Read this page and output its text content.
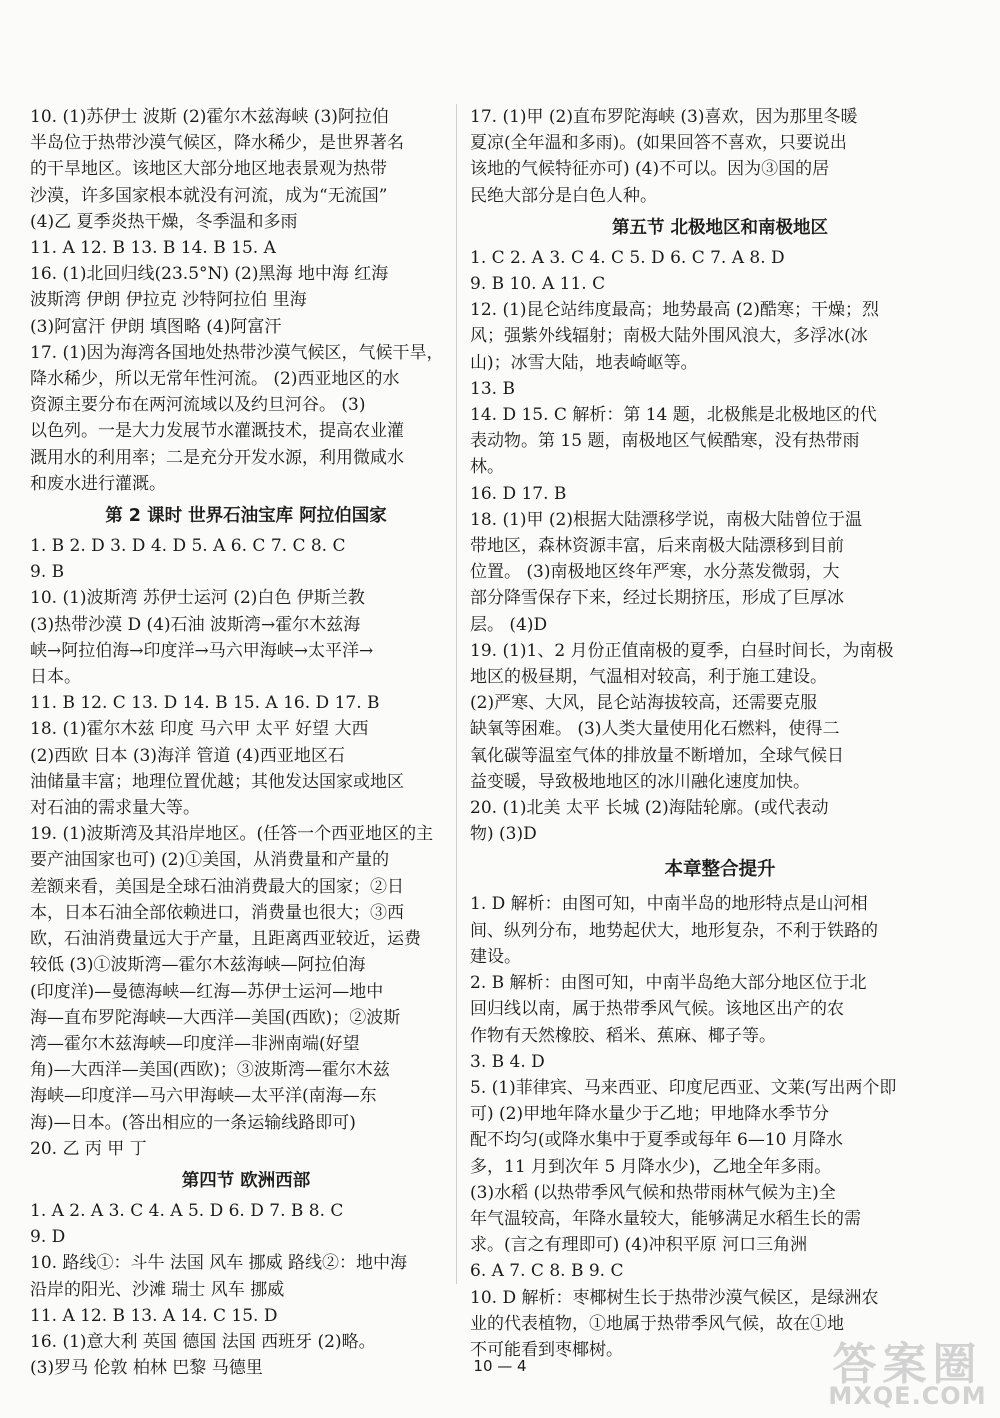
10. (1)苏伊士 波斯 (2)霍尔木兹海峡 (3)阿拉伯
半岛位于热带沙漠气候区，降水稀少，是世界著名
的干旱地区。该地区大部分地区地表景观为热带
沙漠，许多国家根本就没有河流，成为“无流国”
(4)乙 夏季炎热干燥，冬季温和多雨
11. A 12. B 13. B 14. B 15. A
16. (1)北回归线(23.5°N) (2)黑海 地中海 红海
波斯湾 伊朗 伊拉克 沙特阿拉伯 里海
(3)阿富汗 伊朗 填图略 (4)阿富汗
17. (1)因为海湾各国地处热带沙漠气候区，气候干旱，
降水稀少，所以无常年性河流。 (2)西亚地区的水
资源主要分布在两河流域以及约旦河谷。 (3)
以色列。一是大力发展节水灌溉技术，提高农业灌
溉用水的利用率；二是充分开发水源，利用微咸水
和废水进行灌溉。
第 2 课时 世界石油宝库 阿拉伯国家
1. B 2. D 3. D 4. D 5. A 6. C 7. C 8. C
9. B
10. (1)波斯湾 苏伊士运河 (2)白色 伊斯兰教
(3)热带沙漠 D (4)石油 波斯湾→霍尔木兹海
峡→阿拉伯海→印度洋→马六甲海峡→太平洋→
日本。
11. B 12. C 13. D 14. B 15. A 16. D 17. B
18. (1)霍尔木兹 印度 马六甲 太平 好望 大西
(2)西欧 日本 (3)海洋 管道 (4)西亚地区石
油储量丰富；地理位置优越；其他发达国家或地区
对石油的需求量大等。
19. (1)波斯湾及其沿岸地区。(任答一个西亚地区的主
要产油国家也可) (2)①美国，从消费量和产量的
差额来看，美国是全球石油消费最大的国家；②日
本，日本石油全部依赖进口，消费量也很大；③西
欧，石油消费量远大于产量，且距离西亚较近，运费
较低 (3)①波斯湾—霍尔木兹海峡—阿拉伯海
(印度洋)—曼德海峡—红海—苏伊士运河—地中
海—直布罗陀海峡—大西洋—美国(西欧)；②波斯
湾—霍尔木兹海峡—印度洋—非洲南端(好望
角)—大西洋—美国(西欧)；③波斯湾—霍尔木兹
海峡—印度洋—马六甲海峡—太平洋(南海—东
海)—日本。(答出相应的一条运输线路即可)
20. 乙 丙 甲 丁
第四节 欧洲西部
1. A 2. A 3. C 4. A 5. D 6. D 7. B 8. C
9. D
10. 路线①：斗牛 法国 风车 挪威 路线②：地中海
沿岸的阳光、沙滩 瑞士 风车 挪威
11. A 12. B 13. A 14. C 15. D
16. (1)意大利 英国 德国 法国 西班牙 (2)略。
(3)罗马 伦敦 柏林 巴黎 马德里
17. (1)甲 (2)直布罗陀海峡 (3)喜欢，因为那里冬暖
夏凉(全年温和多雨)。(如果回答不喜欢，只要说出
该地的气候特征亦可) (4)不可以。因为③国的居
民绝大部分是白色人种。
第五节 北极地区和南极地区
1. C 2. A 3. C 4. C 5. D 6. C 7. A 8. D
9. B 10. A 11. C
12. (1)昆仑站纬度最高；地势最高 (2)酷寒；干燥；烈
风；强紫外线辐射；南极大陆外围风浪大，多浮冰(冰
山)；冰雪大陆，地表崎岖等。
13. B
14. D 15. C 解析：第 14 题，北极熊是北极地区的代
表动物。第 15 题，南极地区气候酷寒，没有热带雨
林。
16. D 17. B
18. (1)甲 (2)根据大陆漂移学说，南极大陆曾位于温
带地区，森林资源丰富，后来南极大陆漂移到目前
位置。 (3)南极地区终年严寒，水分蒸发微弱，大
部分降雪保存下来，经过长期挤压，形成了巨厚冰
层。 (4)D
19. (1)1、2 月份正值南极的夏季，白昼时间长，为南极
地区的极昼期，气温相对较高，利于施工建设。
(2)严寒、大风，昆仑站海拔较高，还需要克服
缺氧等困难。 (3)人类大量使用化石燃料，使得二
氧化碳等温室气体的排放量不断增加，全球气候日
益变暖，导致极地地区的冰川融化速度加快。
20. (1)北美 太平 长城 (2)海陆轮廓。(或代表动
物) (3)D
本章整合提升
1. D 解析：由图可知，中南半岛的地形特点是山河相
间、纵列分布，地势起伏大，地形复杂，不利于铁路的
建设。
2. B 解析：由图可知，中南半岛绝大部分地区位于北
回归线以南，属于热带季风气候。该地区出产的农
作物有天然橡胶、稻米、蕉麻、椰子等。
3. B 4. D
5. (1)菲律宾、马来西亚、印度尼西亚、文莱(写出两个即
可) (2)甲地年降水量少于乙地；甲地降水季节分
配不均匀(或降水集中于夏季或每年 6—10 月降水
多，11 月到次年 5 月降水少)，乙地全年多雨。
(3)水稻 (以热带季风气候和热带雨林气候为主)全
年气温较高，年降水量较大，能够满足水稻生长的需
求。(言之有理即可) (4)冲积平原 河口三角洲
6. A 7. C 8. B 9. C
10. D 解析：枣椰树生长于热带沙漠气候区，是绿洲农
业的代表植物，①地属于热带季风气候，故在①地
不可能看到枣椰树。
10 — 4	答案圈
MXQE.COM
